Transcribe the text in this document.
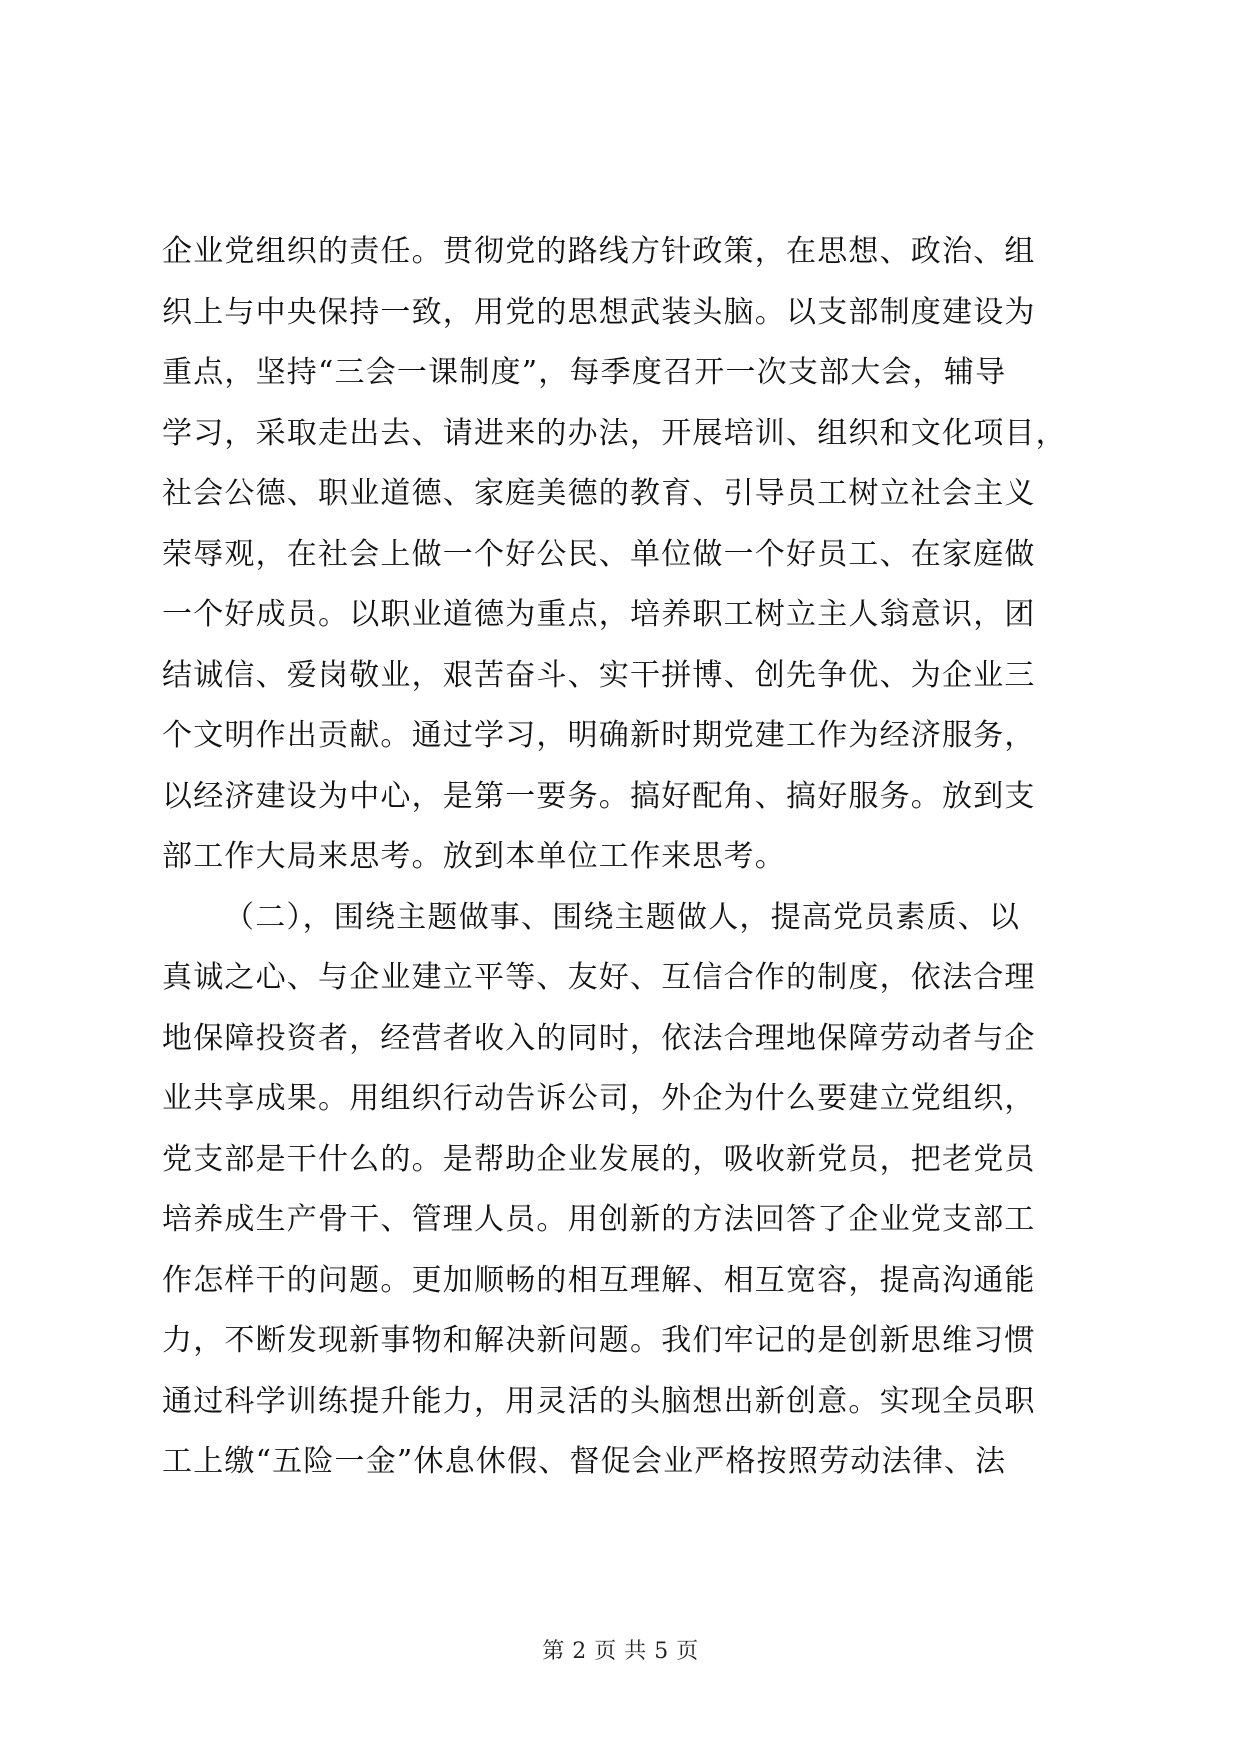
企业党组织的责任。贯彻党的路线方针政策，在思想、政治、组
织上与中央保持一致，用党的思想武装头脑。以支部制度建设为
重点，坚持“三会一课制度”，每季度召开一次支部大会，辅导
学习，采取走出去、请进来的办法，开展培训、组织和文化项目，
社会公德、职业道德、家庭美德的教育、引导员工树立社会主义
荣辱观，在社会上做一个好公民、单位做一个好员工、在家庭做
一个好成员。以职业道德为重点，培养职工树立主人翁意识，团
结诚信、爱岗敬业，艰苦奋斗、实干拼博、创先争优、为企业三
个文明作出贡献。通过学习，明确新时期党建工作为经济服务，
以经济建设为中心，是第一要务。搞好配角、搞好服务。放到支
部工作大局来思考。放到本单位工作来思考。
（二），围绕主题做事、围绕主题做人，提高党员素质、以
真诚之心、与企业建立平等、友好、互信合作的制度，依法合理
地保障投资者，经营者收入的同时，依法合理地保障劳动者与企
业共享成果。用组织行动告诉公司，外企为什么要建立党组织，
党支部是干什么的。是帮助企业发展的，吸收新党员，把老党员
培养成生产骨干、管理人员。用创新的方法回答了企业党支部工
作怎样干的问题。更加顺畅的相互理解、相互宽容，提高沟通能
力，不断发现新事物和解决新问题。我们牢记的是创新思维习惯
通过科学训练提升能力，用灵活的头脑想出新创意。实现全员职
工上缴“五险一金”休息休假、督促会业严格按照劳动法律、法
第 2 页 共 5 页
